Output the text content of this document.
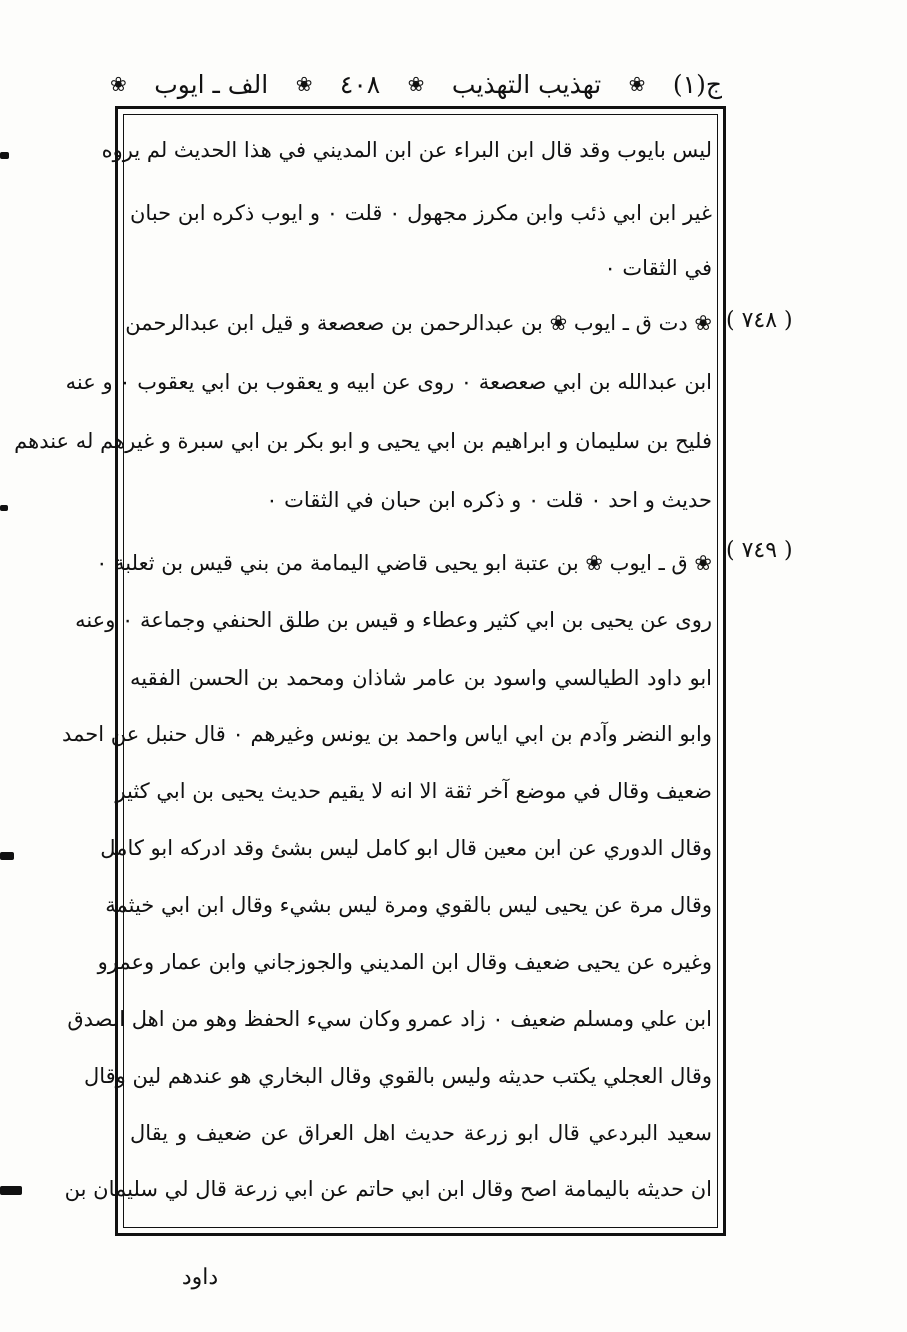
ج(١)
❀
تهذيب التهذيب
❀
٤٠٨
❀
الف ـ ايوب
❀
ليس بايوب وقد قال ابن البراء عن ابن المديني في هذا الحديث لم يروه
غير ابن ابي ذئب وابن مكرز مجهول ٠ قلت ٠ و ايوب ذكره ابن حبان
في الثقات ٠
❀ دت ق ـ ايوب ❀ بن عبدالرحمن بن صعصعة و قيل ابن عبدالرحمن
ابن عبدالله بن ابي صعصعة ٠ روى عن ابيه و يعقوب بن ابي يعقوب ٠ و عنه
فليح بن سليمان و ابراهيم بن ابي يحيى و ابو بكر بن ابي سبرة و غيرهم له عندهم
حديث و احد ٠ قلت ٠ و ذكره ابن حبان في الثقات ٠
❀ ق ـ ايوب ❀ بن عتبة ابو يحيى قاضي اليمامة من بني قيس بن ثعلبة ٠
روى عن يحيى بن ابي كثير وعطاء و قيس بن طلق الحنفي وجماعة ٠ وعنه
ابو داود الطيالسي واسود بن عامر شاذان ومحمد بن الحسن الفقيه
وابو النضر وآدم بن ابي اياس واحمد بن يونس وغيرهم ٠ قال حنبل عن احمد
ضعيف وقال في موضع آخر ثقة الا انه لا يقيم حديث يحيى بن ابي كثير
وقال الدوري عن ابن معين قال ابو كامل ليس بشئ وقد ادركه ابو كامل
وقال مرة عن يحيى ليس بالقوي ومرة ليس بشيء وقال ابن ابي خيثمة
وغيره عن يحيى ضعيف وقال ابن المديني والجوزجاني وابن عمار وعمرو
ابن علي ومسلم ضعيف ٠ زاد عمرو وكان سيء الحفظ وهو من اهل الصدق
وقال العجلي يكتب حديثه وليس بالقوي وقال البخاري هو عندهم لين وقال
سعيد البردعي قال ابو زرعة حديث اهل العراق عن ضعيف و يقال
ان حديثه باليمامة اصح وقال ابن ابي حاتم عن ابي زرعة قال لي سليمان بن
( ٧٤٨ )
( ٧٤٩ )
داود
